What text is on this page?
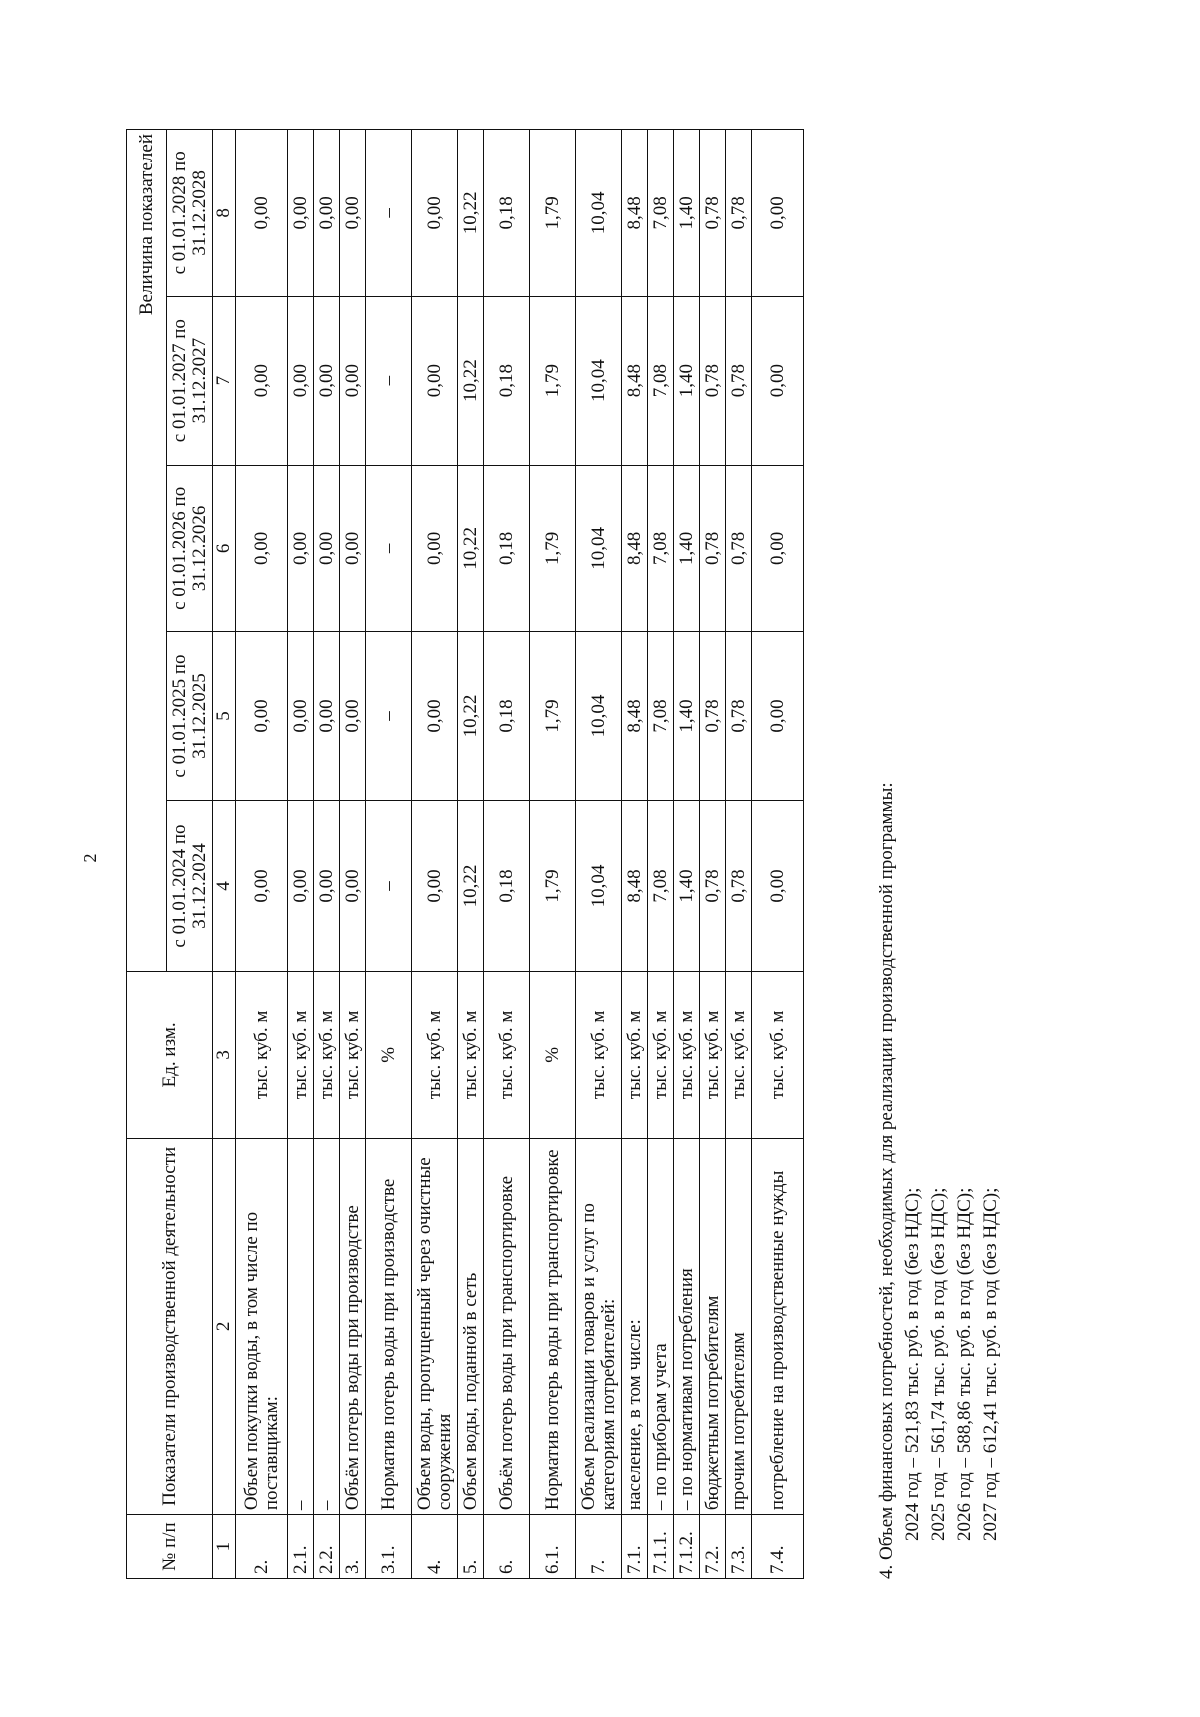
2
№ п/п	Показатели производственной деятельности	Ед. изм.	Величина показателей				
			с 01.01.2024 по 31.12.2024	с 01.01.2025 по 31.12.2025	с 01.01.2026 по 31.12.2026	с 01.01.2027 по 31.12.2027	с 01.01.2028 по 31.12.2028
1	2	3	4	5	6	7	8
2.	Объем покупки воды, в том числе по поставщикам:	тыс. куб. м	0,00	0,00	0,00	0,00	0,00
2.1.	–	тыс. куб. м	0,00	0,00	0,00	0,00	0,00
2.2.	–	тыс. куб. м	0,00	0,00	0,00	0,00	0,00
3.	Объём потерь воды при производстве	тыс. куб. м	0,00	0,00	0,00	0,00	0,00
3.1.	Норматив потерь воды при производстве	%	–	–	–	–	–
4.	Объем воды, пропущенный через очистные сооружения	тыс. куб. м	0,00	0,00	0,00	0,00	0,00
5.	Объем воды, поданной в сеть	тыс. куб. м	10,22	10,22	10,22	10,22	10,22
6.	Объём потерь воды при транспортировке	тыс. куб. м	0,18	0,18	0,18	0,18	0,18
6.1.	Норматив потерь воды при транспортировке	%	1,79	1,79	1,79	1,79	1,79
7.	Объем реализации товаров и услуг по категориям потребителей:	тыс. куб. м	10,04	10,04	10,04	10,04	10,04
7.1.	население, в том числе:	тыс. куб. м	8,48	8,48	8,48	8,48	8,48
7.1.1.	– по приборам учета	тыс. куб. м	7,08	7,08	7,08	7,08	7,08
7.1.2.	– по нормативам потребления	тыс. куб. м	1,40	1,40	1,40	1,40	1,40
7.2.	бюджетным потребителям	тыс. куб. м	0,78	0,78	0,78	0,78	0,78
7.3.	прочим потребителям	тыс. куб. м	0,78	0,78	0,78	0,78	0,78
7.4.	потребление на производственные нужды	тыс. куб. м	0,00	0,00	0,00	0,00	0,00
4. Объем финансовых потребностей, необходимых для реализации производственной программы: 2024 год – 521,83 тыс. руб. в год (без НДС); 2025 год – 561,74 тыс. руб. в год (без НДС); 2026 год – 588,86 тыс. руб. в год (без НДС); 2027 год – 612,41 тыс. руб. в год (без НДС);
